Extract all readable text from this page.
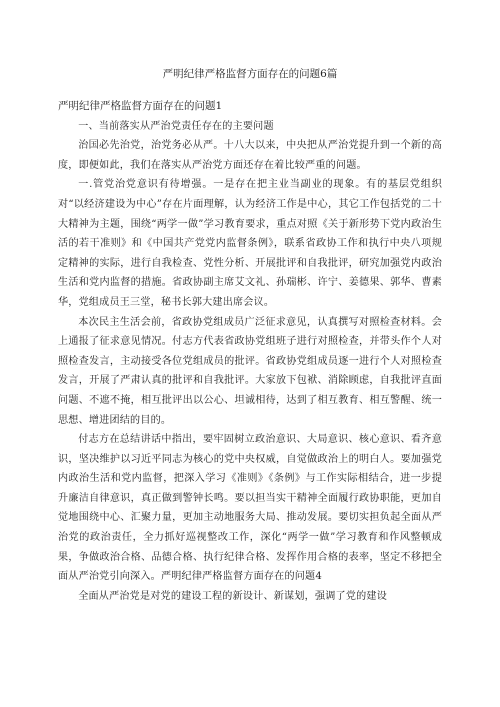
严明纪律严格监督方面存在的问题6篇

严明纪律严格监督方面存在的问题1

一、当前落实从严治党责任存在的主要问题

治国必先治党，治党务必从严。十八大以来，中央把从严治党提升到一个新的高度，即便如此，我们在落实从严治党方面还存在着比较严重的问题。

一.管党治党意识有待增强。一是存在把主业当副业的现象。有的基层党组织对“以经济建设为中心”存在片面理解，认为经济工作是中心，其它工作包括党的二十大精神为主题，围绕“两学一做”学习教育要求，重点对照《关于新形势下党内政治生活的若干准则》和《中国共产党党内监督条例》，联系省政协工作和执行中央八项规定精神的实际，进行自我检查、党性分析、开展批评和自我批评，研究加强党内政治生活和党内监督的措施。省政协副主席艾文礼、孙瑞彬、许宁、姜德果、郭华、曹素华，党组成员王三堂，秘书长郭大建出席会议。

本次民主生活会前，省政协党组成员广泛征求意见，认真撰写对照检查材料。会上通报了征求意见情况。付志方代表省政协党组班子进行对照检查，并带头作个人对照检查发言，主动接受各位党组成员的批评。省政协党组成员逐一进行个人对照检查发言，开展了严肃认真的批评和自我批评。大家放下包袱、消除顾虑，自我批评直面问题、不遮不掩，相互批评出以公心、坦诚相待，达到了相互教育、相互警醒、统一思想、增进团结的目的。

付志方在总结讲话中指出，要牢固树立政治意识、大局意识、核心意识、看齐意识，坚决维护以习近平同志为核心的党中央权威，自觉做政治上的明白人。要加强党内政治生活和党内监督，把深入学习《准则》《条例》与工作实际相结合，进一步提升廉洁自律意识，真正做到警钟长鸣。要以担当实干精神全面履行政协职能，更加自觉地围绕中心、汇聚力量，更加主动地服务大局、推动发展。要切实担负起全面从严治党的政治责任，全力抓好巡视整改工作，深化“两学一做”学习教育和作风整顿成果，争做政治合格、品德合格、执行纪律合格、发挥作用合格的表率，坚定不移把全面从严治党引向深入。严明纪律严格监督方面存在的问题4

全面从严治党是对党的建设工程的新设计、新谋划，强调了党的建设
